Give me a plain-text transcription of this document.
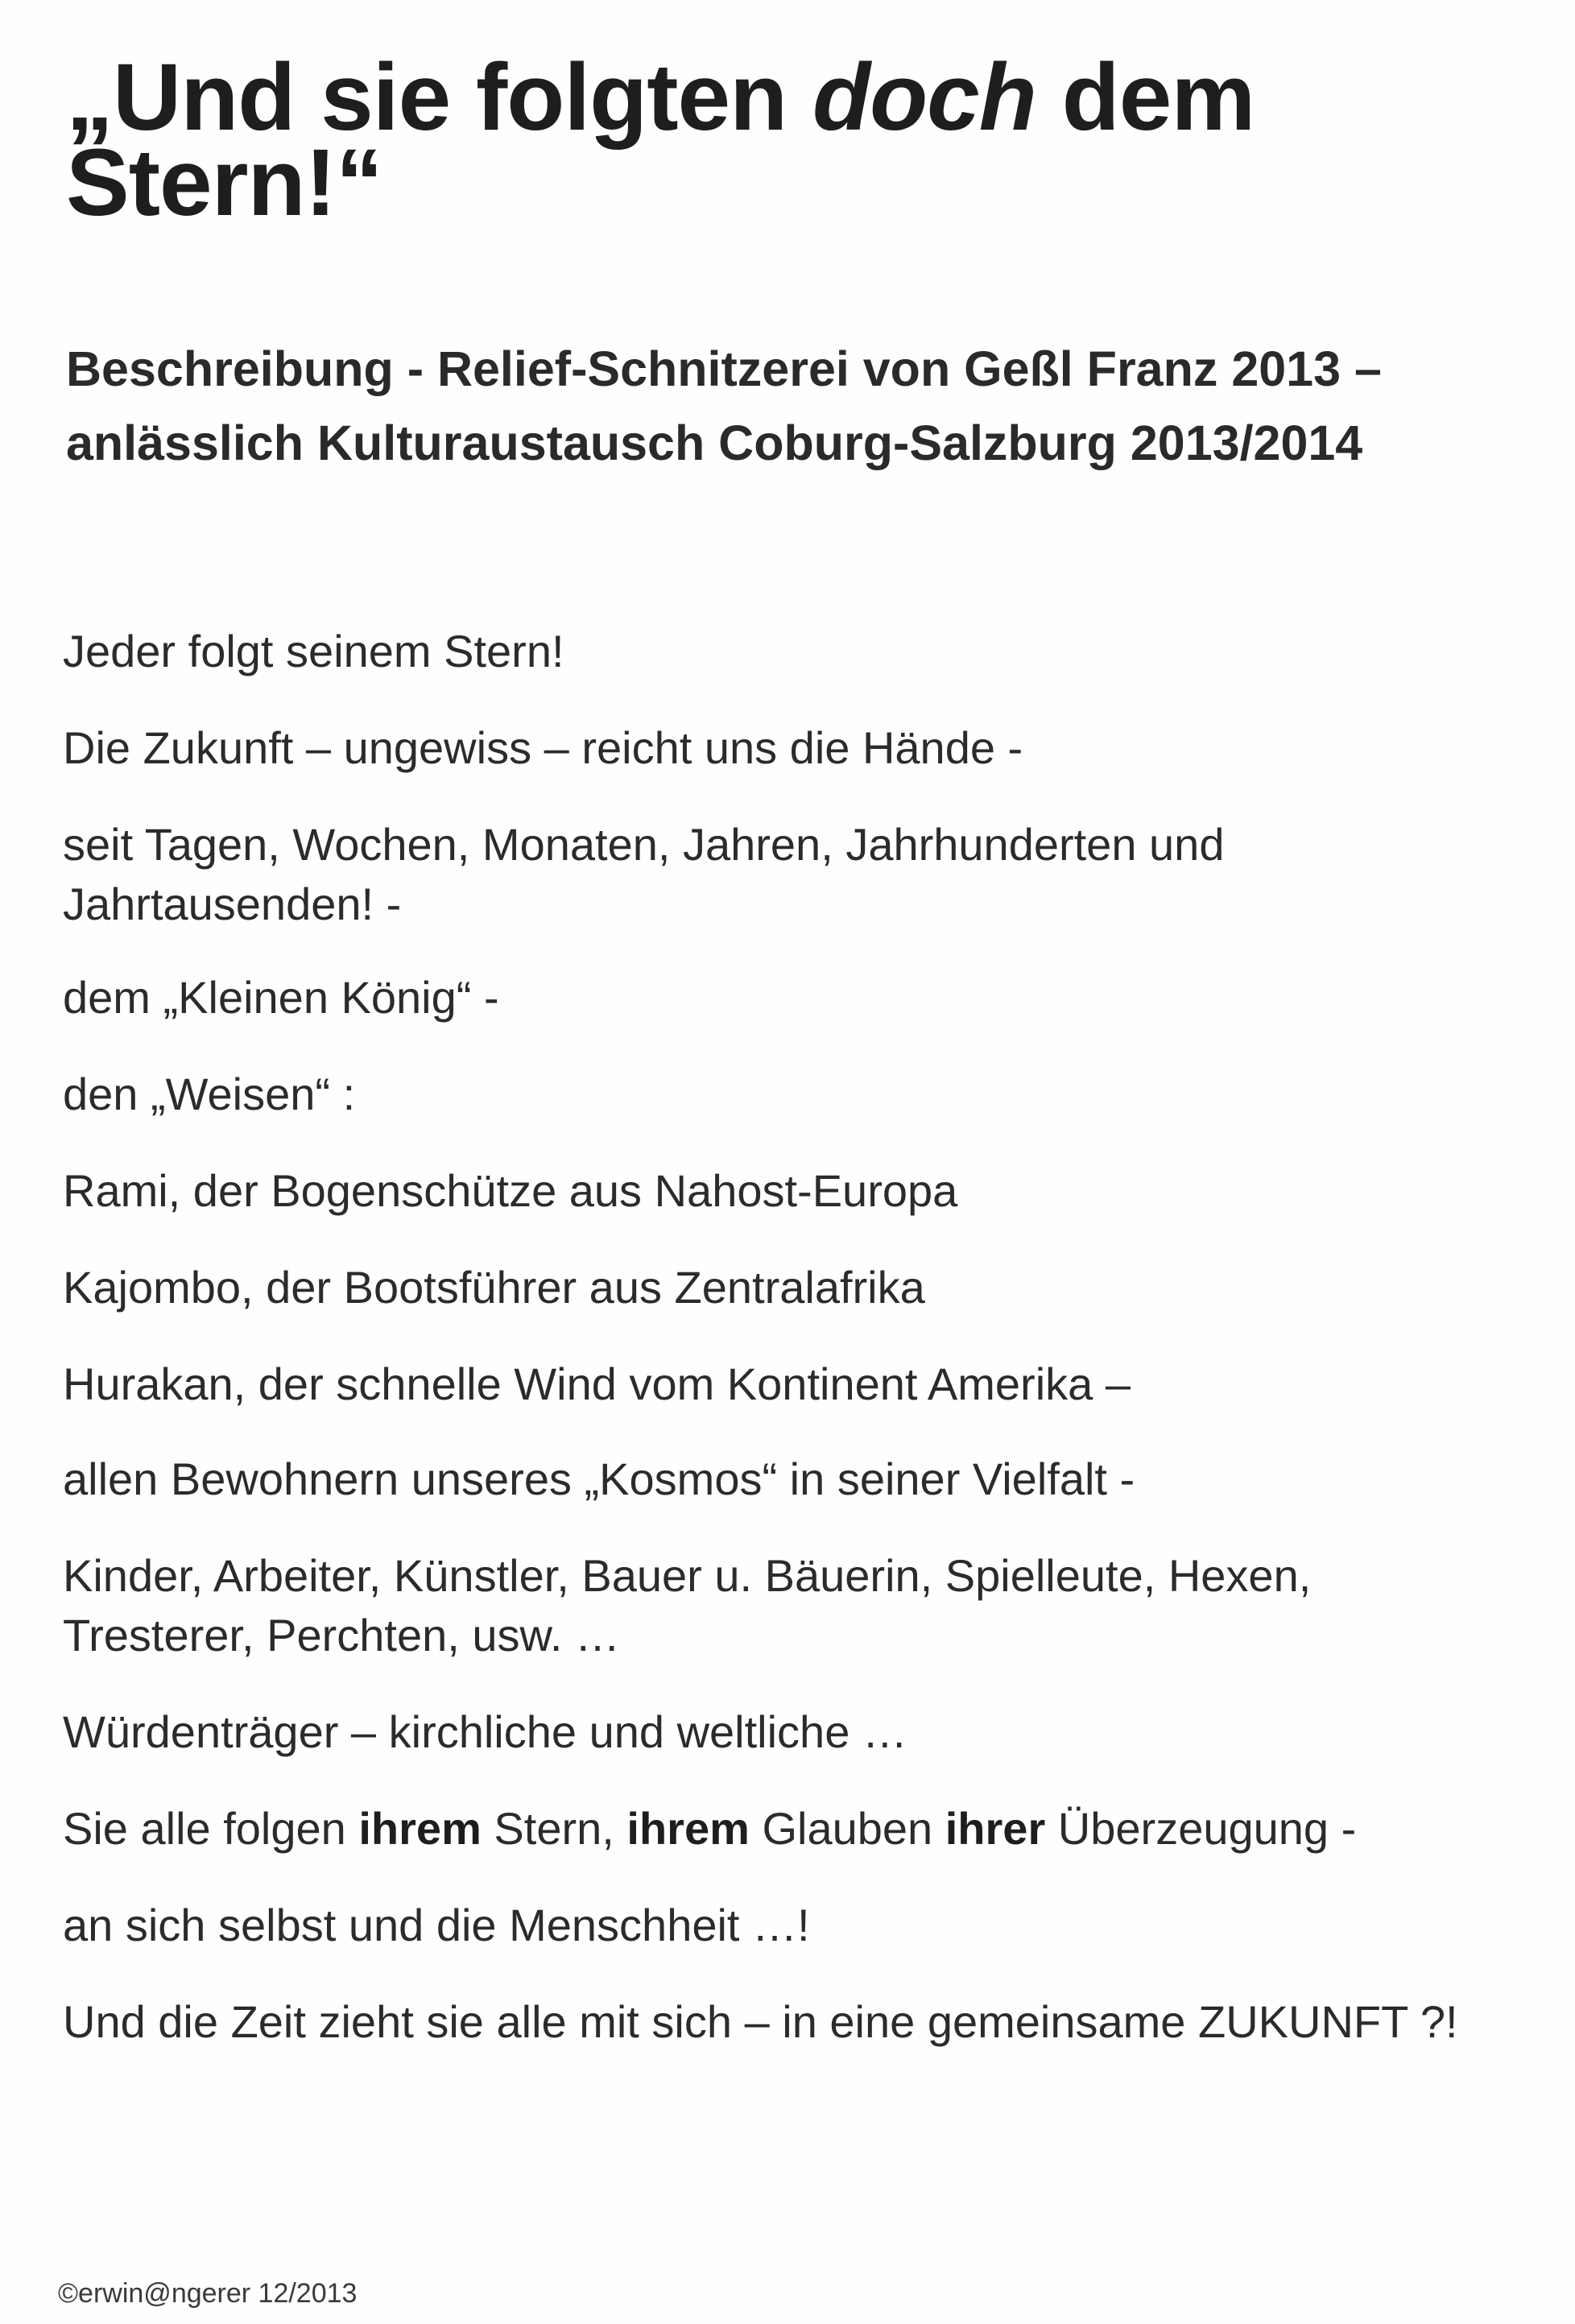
„Und sie folgten doch dem
Stern!“
Beschreibung - Relief-Schnitzerei von Geßl Franz 2013 –
anlässlich Kulturaustausch Coburg-Salzburg 2013/2014
Jeder folgt seinem Stern!
Die Zukunft – ungewiss – reicht uns die Hände -
seit Tagen, Wochen, Monaten, Jahren, Jahrhunderten und
Jahrtausenden! -
dem „Kleinen König“ -
den „Weisen“ :
Rami, der Bogenschütze aus Nahost-Europa
Kajombo, der Bootsführer aus Zentralafrika
Hurakan, der schnelle Wind vom Kontinent Amerika –
allen Bewohnern unseres „Kosmos“ in seiner Vielfalt -
Kinder, Arbeiter, Künstler, Bauer u. Bäuerin, Spielleute, Hexen,
Tresterer, Perchten, usw. …
Würdenträger – kirchliche und weltliche …
Sie alle folgen ihrem Stern, ihrem Glauben ihrer Überzeugung -
an sich selbst und die Menschheit …!
Und die Zeit zieht sie alle mit sich – in eine gemeinsame ZUKUNFT ?!
©erwin@ngerer 12/2013
